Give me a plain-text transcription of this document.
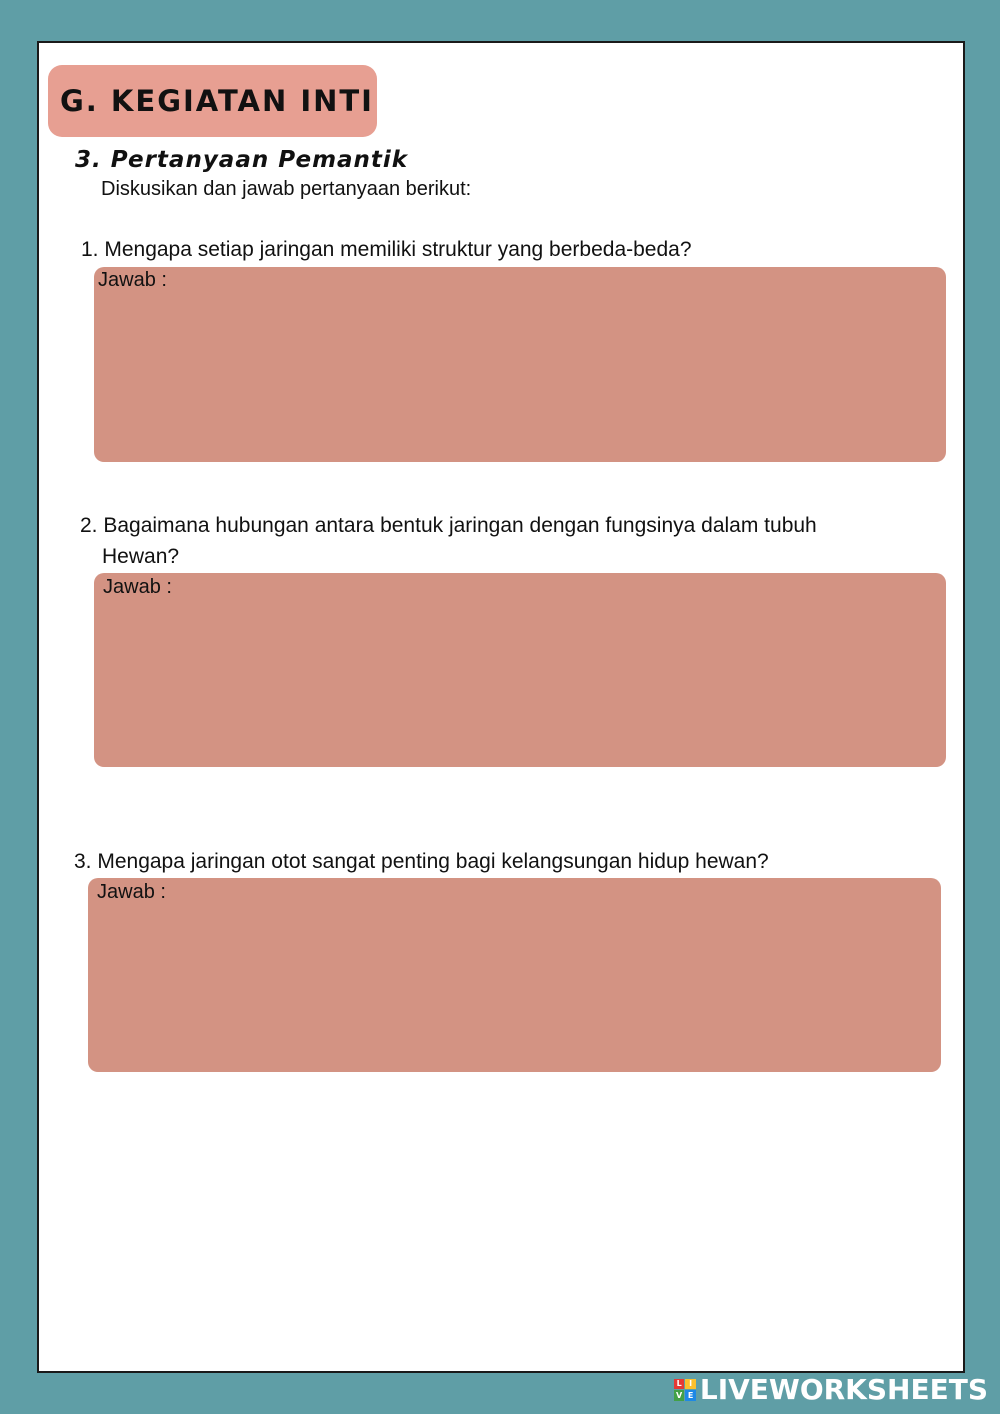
G. KEGIATAN INTI
3. Pertanyaan Pemantik
Diskusikan dan jawab pertanyaan berikut:
1. Mengapa setiap jaringan memiliki struktur yang berbeda-beda?
Jawab :
2. Bagaimana hubungan antara bentuk jaringan dengan fungsinya dalam tubuh
Hewan?
Jawab :
3. Mengapa jaringan otot sangat penting bagi kelangsungan hidup hewan?
Jawab :
L I
V E LIVEWORKSHEETS
